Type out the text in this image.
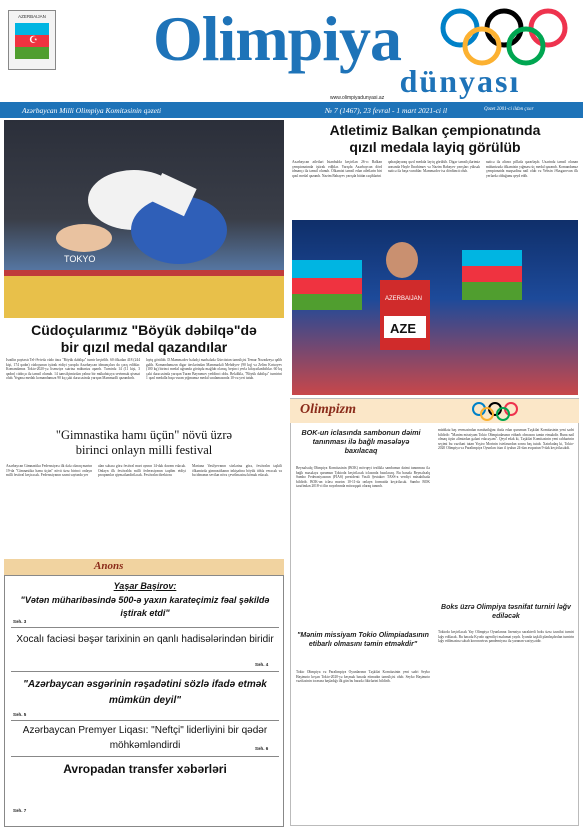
AZERBAIJAN
☪	Olimpiya
dünyası
www.olimpiyadunyasi.az
Azərbaycan Milli Olimpiya Komitəsinin qəzeti	№ 7 (1467), 23 fevral - 1 mart 2021-ci il	Qəzet 2001-ci ildən çıxır
TOKYO
Cüdoçularımız "Böyük dəbilqə"də
bir qızıl medal qazandılar
İsrailin paytaxtı Tel-Əvivdə cüdo üzrə "Böyük dəbilqə" turnir keçirilib. 60 ölkədən 418 (244 kişi, 174 qadın) cüdoçunun iştirak etdiyi yarışda Azərbaycan idmançıları da çıxış ediblər. Komandamız Tokio-2020-yə lisenziya xətrinə mübarizə aparıb. Turnirdə 14 (11 kişi, 3 qadın) cüdoçu ilə təmsil olunub. 14 təmsilçimizdən yalnız bir mükafatçıya sevinmək qismət olub. Yeganə medalı komandamıza 90 kq çəki dərəcəsində yarışan Məmmədli qazandırıb.
layiq görülüb. D.Məmmədov bələdçi mərhələdə Gürcüstan təmsilçisi Temur Nozadzeyə qalib gəlib. Komandamızın digər üzvlərindən Məmmədəli Mehdiyev (90 kq) və Zelim Kotsoyev (100 kq) birinci medal uğrunda görüşdə məğlub olaraq, beşinci yerlə kifayətlənibiblər. 60 kq çəki dərəcəsində yarışan Turan Bayramov yeddinci oldu. Beləliklə, "Böyük dəbilqə" turnirini 1 qızıl medalla başa vuran yığmamız medal sıralamasında 10-cu yeri tutub.
Atletimiz Balkan çempionatında
qızıl medala layiq görülüb
Azərbaycan atletləri İstanbulda keçirilən 26-cı Balkan çempionatında iştirak ediblər. Yarışda Azərbaycan dörd idmançı ilə təmsil olunub. Ölkəmizi təmsil edən atletlərin biri qızıl medal qazanıb. Nazim Babayev yarışda bütün rəqiblərini
qabaqlayaraq qızıl medala layiq görülüb. Digər təmsilçilərimiz arasında Hayle İbrahimov və Nazim Babayev yarışları yüksək nəticə ilə başa vurublar. Məmmədov isə dördüncü olub.
nəticə ilə altıncı pillədə qərarlaşıb. Üzərində təmsil olunan mübarizədə ölkəmizin yığması üç medal qazanıb. Komandamız çempionatda məqsədinə nail olub və Yebsin Ələsgərovun ilk yerlərdə olduğunu qeyd edib.
AZE
AZERBAIJAN
"Gimnastika hamı üçün" növü üzrə
birinci onlayn milli festival
Azərbaycan Gimnastika Federasiyası ilk dəfə olaraq martın 19-da "Gimnastika hamı üçün" növü üzrə birinci onlayn milli festival keçirəcək. Federasiyanın rəsmi saytında yer
alan xəbərə görə festival mart ayının 14-dək davam edəcək. Onlayn ilk festivalda milli federasiyanın təqdim etdiyi proqramlar qiymətləndiriləcək. Festivalın direktoru
Mariana Vasilyevanın sözlərinə görə, festivalın təşkili ölkəmizdə gimnastikanın inkişafına böyük töhfə verəcək və bu idmanın sevilən növə çevrilməsinə kömək edəcək.
Anons
Yaşar Başirov:
"Vətən müharibəsində 500-ə yaxın karateçimiz fəal şəkildə iştirak etdi"
Səh. 3
Xocalı faciəsi bəşər tarixinin ən qanlı hadisələrindən biridir
Səh. 4
"Azərbaycan əsgərinin rəşadətini sözlə ifadə etmək mümkün deyil"
Səh. 5
Azərbaycan Premyer Liqası: "Neftçi" liderliyini bir qədər möhkəmləndirdi	Səh. 6
Avropadan transfer xəbərləri
Səh. 7
Olimpizm
BOK-un iclasında sambonun dəimi tanınması ilə bağlı məsələyə baxılacaq
Beynəlxalq Olimpiya Komitəsinin (BOK) mövqeyi tezliklə sambonun daimi tanınması ilə bağlı məsələyə qurumun Tokioda keçiriləcək iclasında baxılacaq. Bu barədə Beynəlxalq Sambo Federasiyasının (FİAS) prezidenti Vasili Şestakov TASS-a verdiyi müsahibədə bildirib. BOK-un iclası martın 10-11-də onlayn formatda keçiriləcək. Sambo BOK tərəfindən 2018-ci ilin noyabrında müvəqqəti olaraq tanınıb.
"Mənim missiyam Tokio Olimpiadasının etibarlı olmasını təmin etməkdir"
Tokio Olimpiya və Paralimpiya Oyunlarının Təşkilat Komitəsinin yeni sədri Seyko Haşimoto keçən Tokio-2020-yə keçmək barədə etimadın təmsilçisi olub. Seyko Haşimoto vəzifəsinin icrasına başladığı ilk gün bu barədə fikirlərini bildirib.
müddətə baş verməsindən narahatlığını ifadə edən qurumun Təşkilat Komitəsinin yeni sədri bildirib: "Mənim missiyam Tokio Olimpiadasının etibarlı olmasını təmin etməkdir. Buna nail olmaq üçün əlimizdən gələni edəcəyəm". Qeyd edək ki, Təşkilat Komitəsinin yeni rəhbərinin seçimi bu vəzifəni tutan Yoşiro Morinin istefasından sonra baş tutub. Xatırladaq ki, Tokio-2020 Olimpiya və Paralimpiya Oyunları ötən il iyulun 24-dən avqustun 9-dək keçiriləcəkdi.
Boks üzrə Olimpiya təsnifat turniri ləğv ediləcək
Tokioda keçiriləcək Yay Olimpiya Oyunlarına lisenziya xarakterli boks üzrə təsnifat turniri ləğv edilərək. Bu barədə Kyodo agentliyi məlumat yayıb. İyunda təşkili planlaşdırılan turnirin ləğv edilməsinə səbəb koronavirus pandemiyası ilə yaranan vəziyyətdir.
